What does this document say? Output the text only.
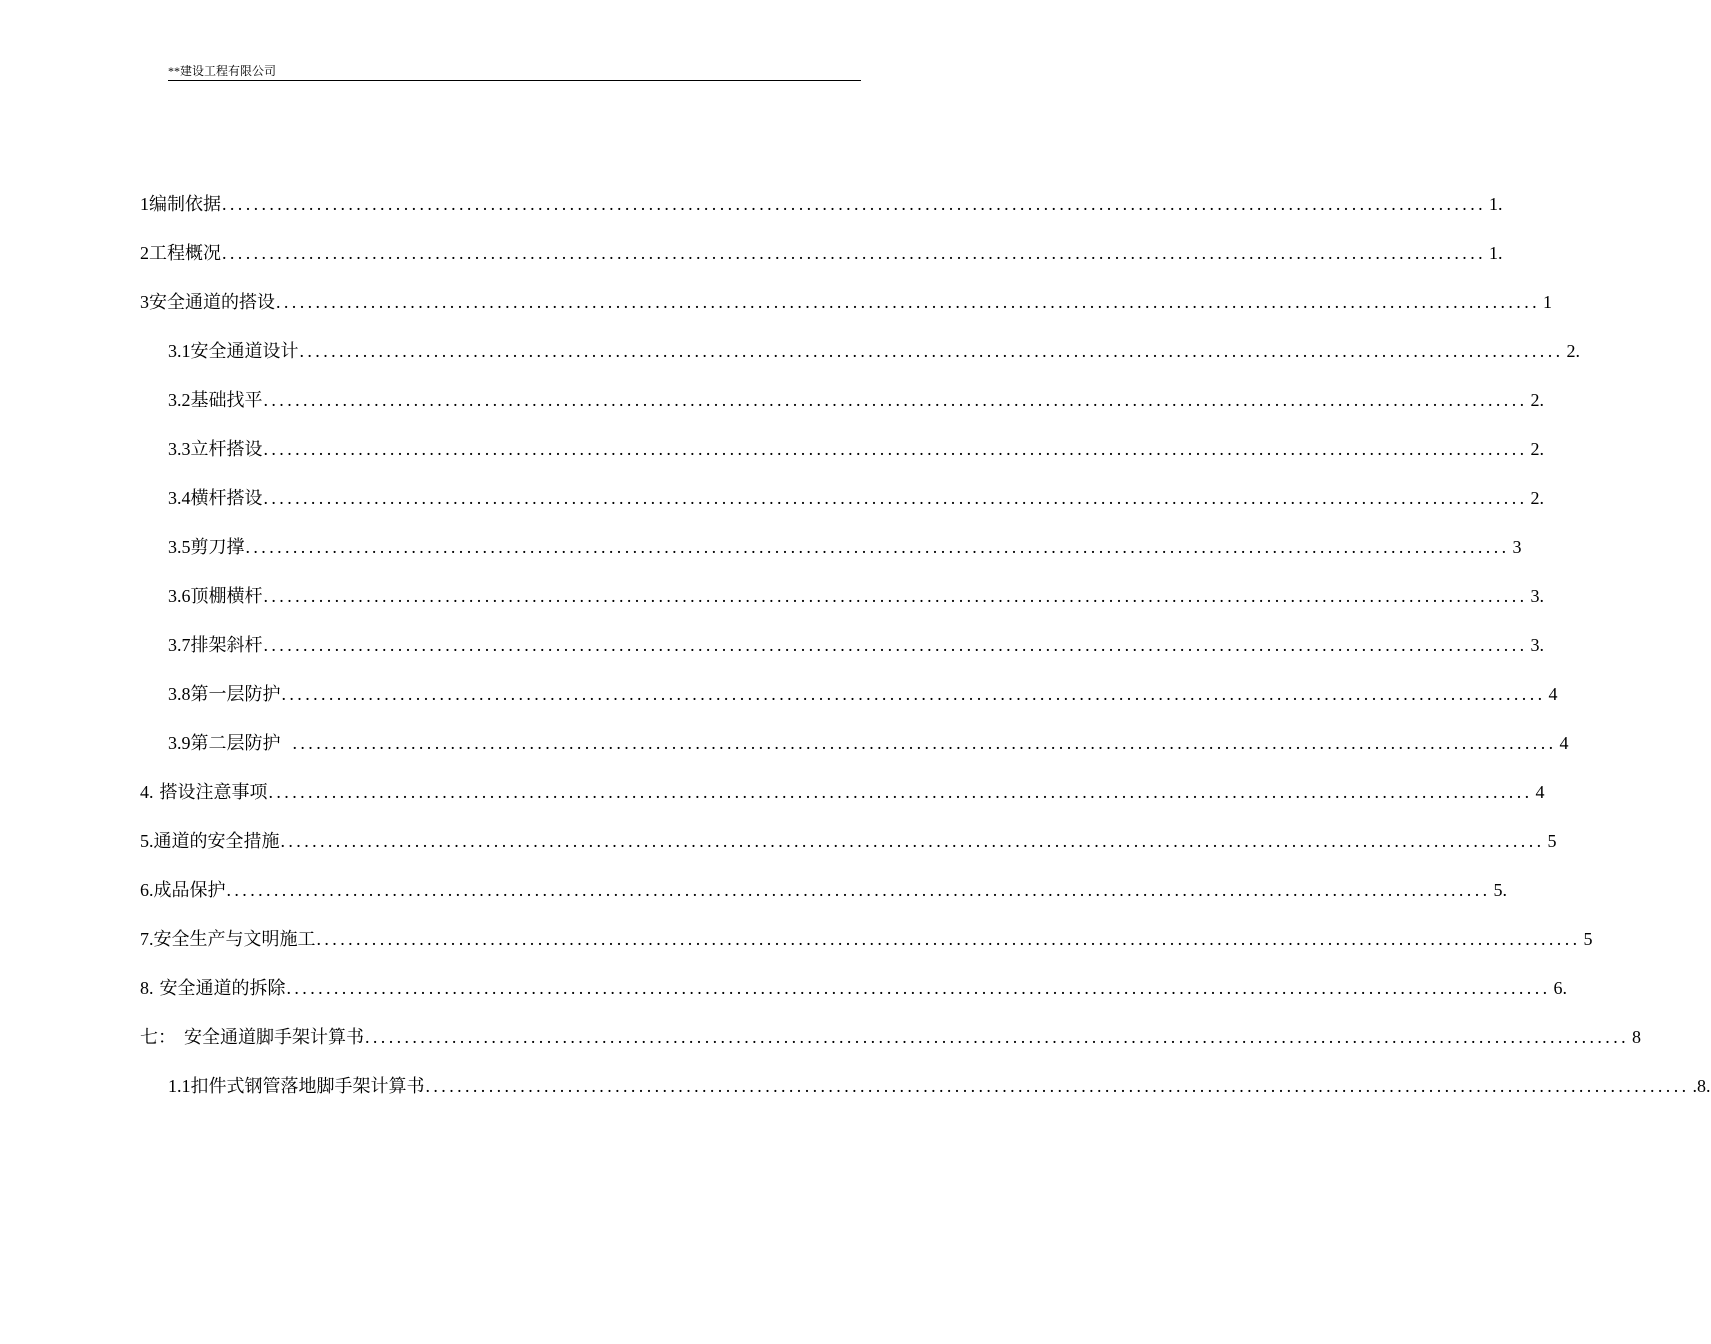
**建设工程有限公司
1 编制依据 ................................................................................................................................................................ 1.
2 工程概况 ................................................................................................................................................................ 1.
3 安全通道的搭设 ................................................................................................................................................................ 1
3.1 安全通道设计 ................................................................................................................................................................ 2.
3.2 基础找平 ................................................................................................................................................................ 2.
3.3 立杆搭设 ................................................................................................................................................................ 2.
3.4 横杆搭设 ................................................................................................................................................................ 2.
3.5 剪刀撑 ................................................................................................................................................................ 3
3.6 顶棚横杆 ................................................................................................................................................................ 3.
3.7 排架斜杆 ................................................................................................................................................................ 3.
3.8 第一层防护 ................................................................................................................................................................ 4
3.9 第二层防护 ................................................................................................................................................................ 4
4. 搭设注意事项 ................................................................................................................................................................ 4
5. 通道的安全措施 ................................................................................................................................................................ 5
6. 成品保护 ................................................................................................................................................................ 5.
7. 安全生产与文明施工 ................................................................................................................................................................ 5
8. 安全通道的拆除 ................................................................................................................................................................ 6.
七： 安全通道脚手架计算书 ................................................................................................................................................................ 8
1.1 扣件式钢管落地脚手架计算书 ................................................................................................................................................................ .8.
